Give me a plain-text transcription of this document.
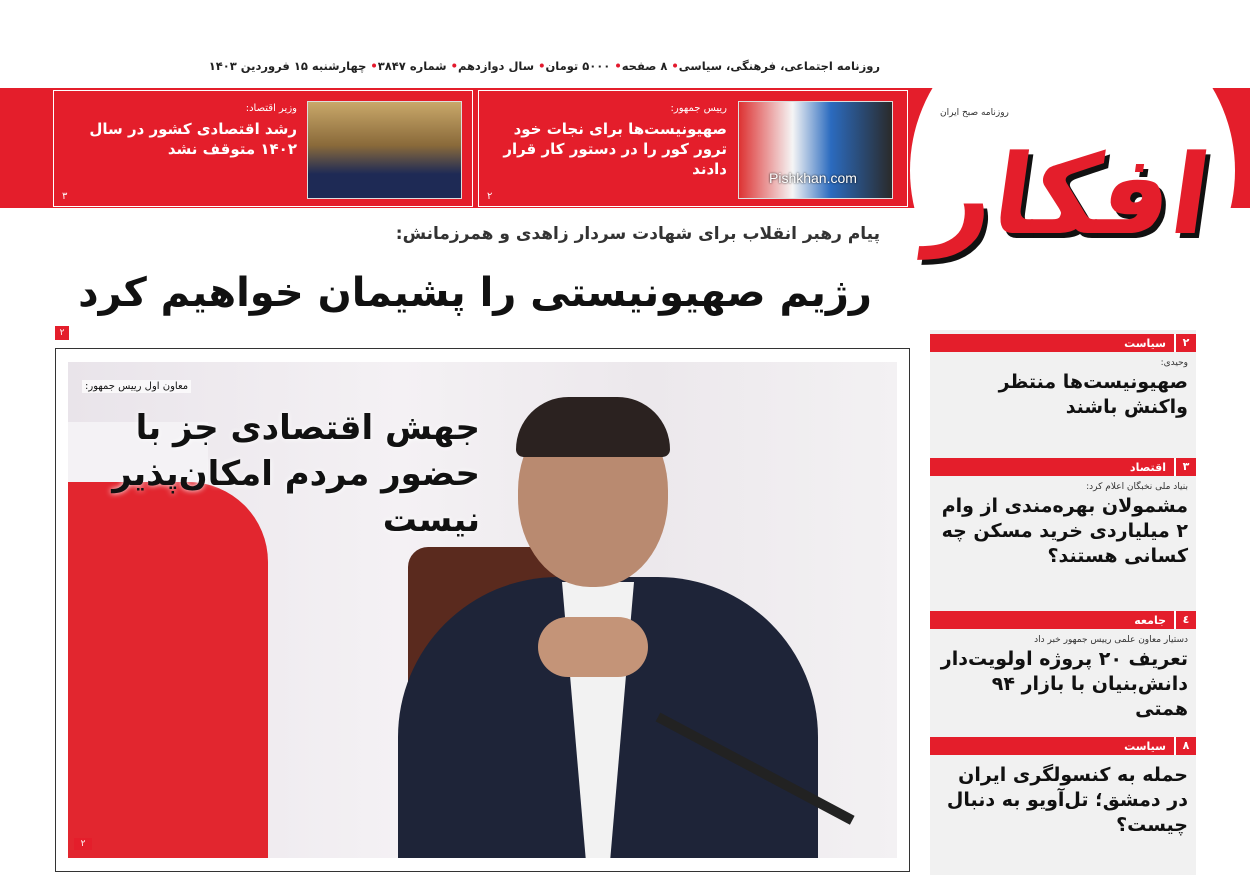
روزنامه اجتماعی، فرهنگی، سیاسی• ۸ صفحه• ۵۰۰۰ تومان• سال دوازدهم• شماره ۳۸۴۷• چهارشنبه ۱۵ فروردین ۱۴۰۳
افکار
روزنامه صبح ایران
Pishkhan.com
رییس جمهور:
صهیونیست‌ها برای نجات خود ترور کور را در دستور کار قرار دادند
۲
وزیر اقتصاد:
رشد اقتصادی کشور در سال ۱۴۰۲ متوقف نشد
۳
پیام رهبر انقلاب برای شهادت سردار زاهدی و همرزمانش:
رژیم صهیونیستی را پشیمان خواهیم کرد
۲
معاون اول رییس جمهور:
جهش اقتصادی جز با حضور مردم امکان‌پذیر نیست
۲
۲
سیاست
وحیدی:
صهیونیست‌ها منتظر واکنش باشند
۳
اقتصاد
بنیاد ملی نخبگان اعلام کرد:
مشمولان بهره‌مندی از وام ۲ میلیاردی خرید مسکن چه کسانی هستند؟
٤
جامعه
دستیار معاون علمی رییس جمهور خبر داد
تعریف ۲۰ پروژه اولویت‌دار دانش‌بنیان با بازار ۹۴ همتی
۸
سیاست
حمله به کنسولگری ایران در دمشق؛ تل‌آویو به دنبال چیست؟
